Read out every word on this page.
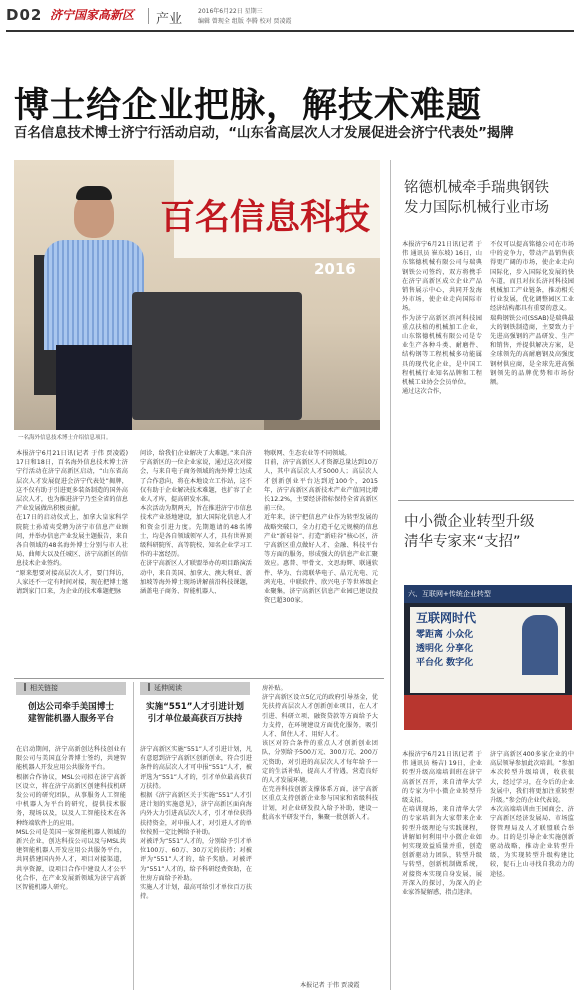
D02 济宁国家高新区 产业
2016年6月22日 星期三
编辑 曾现全 组版 李腾 校对 贾凌霞
博士给企业把脉，解技术难题
百名信息技术博士济宁行活动启动，“山东省高层次人才发展促进会济宁代表处”揭牌
百名信息科技
2016
一名海外信息技术博士介绍信息项目。
本报济宁6月21日讯(记者 于伟 贾凌霞) 17日和18日，百名海外信息技术博士济宁行活动在济宁高新区启动，“山东省高层次人才发展促进会济宁代表处”揭牌，这不仅有助于引进更多装备制造的国外高层次人才，也为推进济宁乃至全省的信息产业发展做出积极贡献。
在17日的启动仪式上，加拿大皇家科学院院士孙靖夷受聘为济宁市信息产业顾问，并举办信息产业发展主题报告，来自各自领域的48名海外博士分别与市人社局、曲师大以及任城区、济宁高新区的信息技术企业签约。
“原来想要对接高层次人才，要门拜访，人家还不一定有时间对接，现在把博士邀请到家门口来，为企业的技术难题把脉
问诊，给我们企业解决了大难题。”来自济宁高新区的一位企业家说，通过这次对接会，与来自电子商务领域的海外博士达成了合作意向，将在本地设立工作站，这不仅有助于企业解决技术难题，也扩容了企业人才库，提高研发水准。
本次活动为期两天，旨在推进济宁市信息技术产业基地建设，加大国际化信息人才和资金引进力度。先期邀请的48名博士，均是各自领域领军人才，具有世界顶级科研院所、高等院校、知名企业学习工作的丰富经历。
在济宁高新区人才联盟举办的项目路演活动中，来自美国、加拿大、澳大利亚、新加坡等海外博士现场讲解前沿科技课题，涵盖电子商务、智能机器人、
物联网、生态农业等不同领域。
目前，济宁高新区人才资源总量达到10万人，其中高层次人才5000人；高层次人才创新创业平台达到近100个，2015年，济宁高新区高新技术产业产值同比增长12.2%，主要经济指标保持全省高新区前三位。
近年来，济宁把信息产业作为转型发展的战略突破口，全力打造千亿元规模的信息产业“新硅谷”、打造“新硅谷”核心区，济宁高新区重点做好人才、金融、科技平台等方面的服务，形成强大的信息产业汇聚效应。惠普、甲骨文、文思海辉、联通软件、华为、台湾联华电子、晶元光电、元鸿光电、中联软件、欣兴电子等世界级企业聚集，济宁高新区信息产业园已建设投资已超300家。
铭德机械牵手瑞典钢铁
发力国际机械行业市场
本报济宁6月21日讯(记者 于伟 通讯员 崔东坡) 16日，山东铭德机械有限公司与瑞典钢铁公司签约，双方将携手在济宁高新区成立企业产品销售展示中心，共同开发海外市场，使企业走向国际市场。
作为济宁高新区滨河科技园重点扶植的机械加工企业，山东铭德机械有限公司是专业生产各种斗类、耐磨件、结构钢等工程机械多功能属具的现代化企业，是中国工程机械行业知名品牌和工程机械工业协会会员单位。
通过这次合作，
不仅可以提高铭德公司在市场中的竞争力，带动产品销售获得更广阔的市场，使企业走向国际化，步入国际化发展的快车道，而且对拉长济河科技园机械加工产业链条，推动相关行业发展，优化调整园区工业经济结构都具有重要的意义。
瑞典钢铁公司(SSAB)是瑞典最大的钢铁制造商，主要致力于先进高强钢的产品研发、生产和销售，并提供解决方案，是全球领先的高耐磨钢及高强度钢材供应商，是全球先进高强钢领先的品牌优势和市场份额。
中小微企业转型升级
清华专家来“支招”
六、互联网+传统企业转型
互联网时代
零距离 小众化
透明化 分享化
平台化 数字化
本报济宁6月21日讯(记者 于伟 通讯员 杨吉) 19日，企业转型升级高端培训班在济宁高新区召开，来自清华大学的专家为中小微企业转型升级支招。
在培训现场，来自清华大学的专家培训为大家带来企业转型升级理论与实践课程，讲解如何利用中小微企业如何实现效益质量并重，创造创新驱动力团队，转型升级与转型，创新机制做系统，对接资本实现自身发展，展开深入的探讨，为深入的企业家答疑解惑，指点迷津。
济宁高新区400多家企业的中高层领导参加此次培训。“参加本次转型升级培训，收获很大，经过学习，在今后的企业发展中，我们将更加注重转型升级。”参会的企业代表说。
本次高端培训由王园商会、济宁高新区经济发展局、市场监督管理局及人才联盟联合举办。目的是引导企业实施创新驱动战略，推动企业转型升级，为实现转型升级构建比较，促石上山寻找自我动力的途径。
相关链接
创达公司牵手美国博士
建智能机器人服务平台
在启动期间，济宁高新创达科技创业有限公司与美国直分普博士签约，共建智能机器人开发应用公共服务平台。
根据合作协议，MSL公司拟在济宁高新区设立，将在济宁高新区创建科技机研发公司的研究团队，从事服务人工智能中机器人为平台的研究，提供技术服务，现场以及，以及人工智能技术在各种终端软件上的应用。
MSL公司是美国一家智能机器人领域的新兴企业，创达科技公司以及与MSL共建智能机器人开发应用公共服务平台，共同搭建国内外人才，项目对接渠道，共享资源，设项目合作中建设人才公平化合作，在产业发展新领域为济宁高新区智能机器人研究。
延伸阅读
实施“551”人才引进计划
引才单位最高获百万扶持
济宁高新区实施“551”人才引进计划，凡有意愿到济宁高新区创新创业，符合引进条件的高层次人才可申报“551”人才，被评选为“551”人才的，引才单位最高获百万扶持。
根据《济宁高新区关于实施“551”人才引进计划的实施意见》，济宁高新区面向海内外大力引进高层次人才，引才单位获得扶持资金，对申报人才，对引进人才的单位按照一定比例给予补助。
对被评为“551”人才的，分别给予引才单位100万、60万、30万元的扶持；对被评为“551”人才的，给予奖励。对被评为“551”人才的，给予科研经费资助，在住房方面给予补助。
实施人才计划，最高可给引才单位百万扶持。
房补贴。
济宁高新区设立5亿元的政府引导基金，优先扶持高层次人才创新创业项目，在人才引进、科研立项、融资贷款等方面给予大力支持，在环境建设方面优化服务，吸引人才、留住人才、用好人才。
该区对符合条件的重点人才创新创业团队，分别给予500万元、300万元、200万元资助，对引进的高层次人才每年给予一定的生活补贴，提高人才待遇，营造良好的人才发展环境。
在完善科技创新支撑体系方面，济宁高新区重点支持创新企业参与国家和省级科技计划，对企业研发投入给予补助，建设一批高水平研发平台，集聚一批创新人才。
本报记者 于伟 贾凌霞
